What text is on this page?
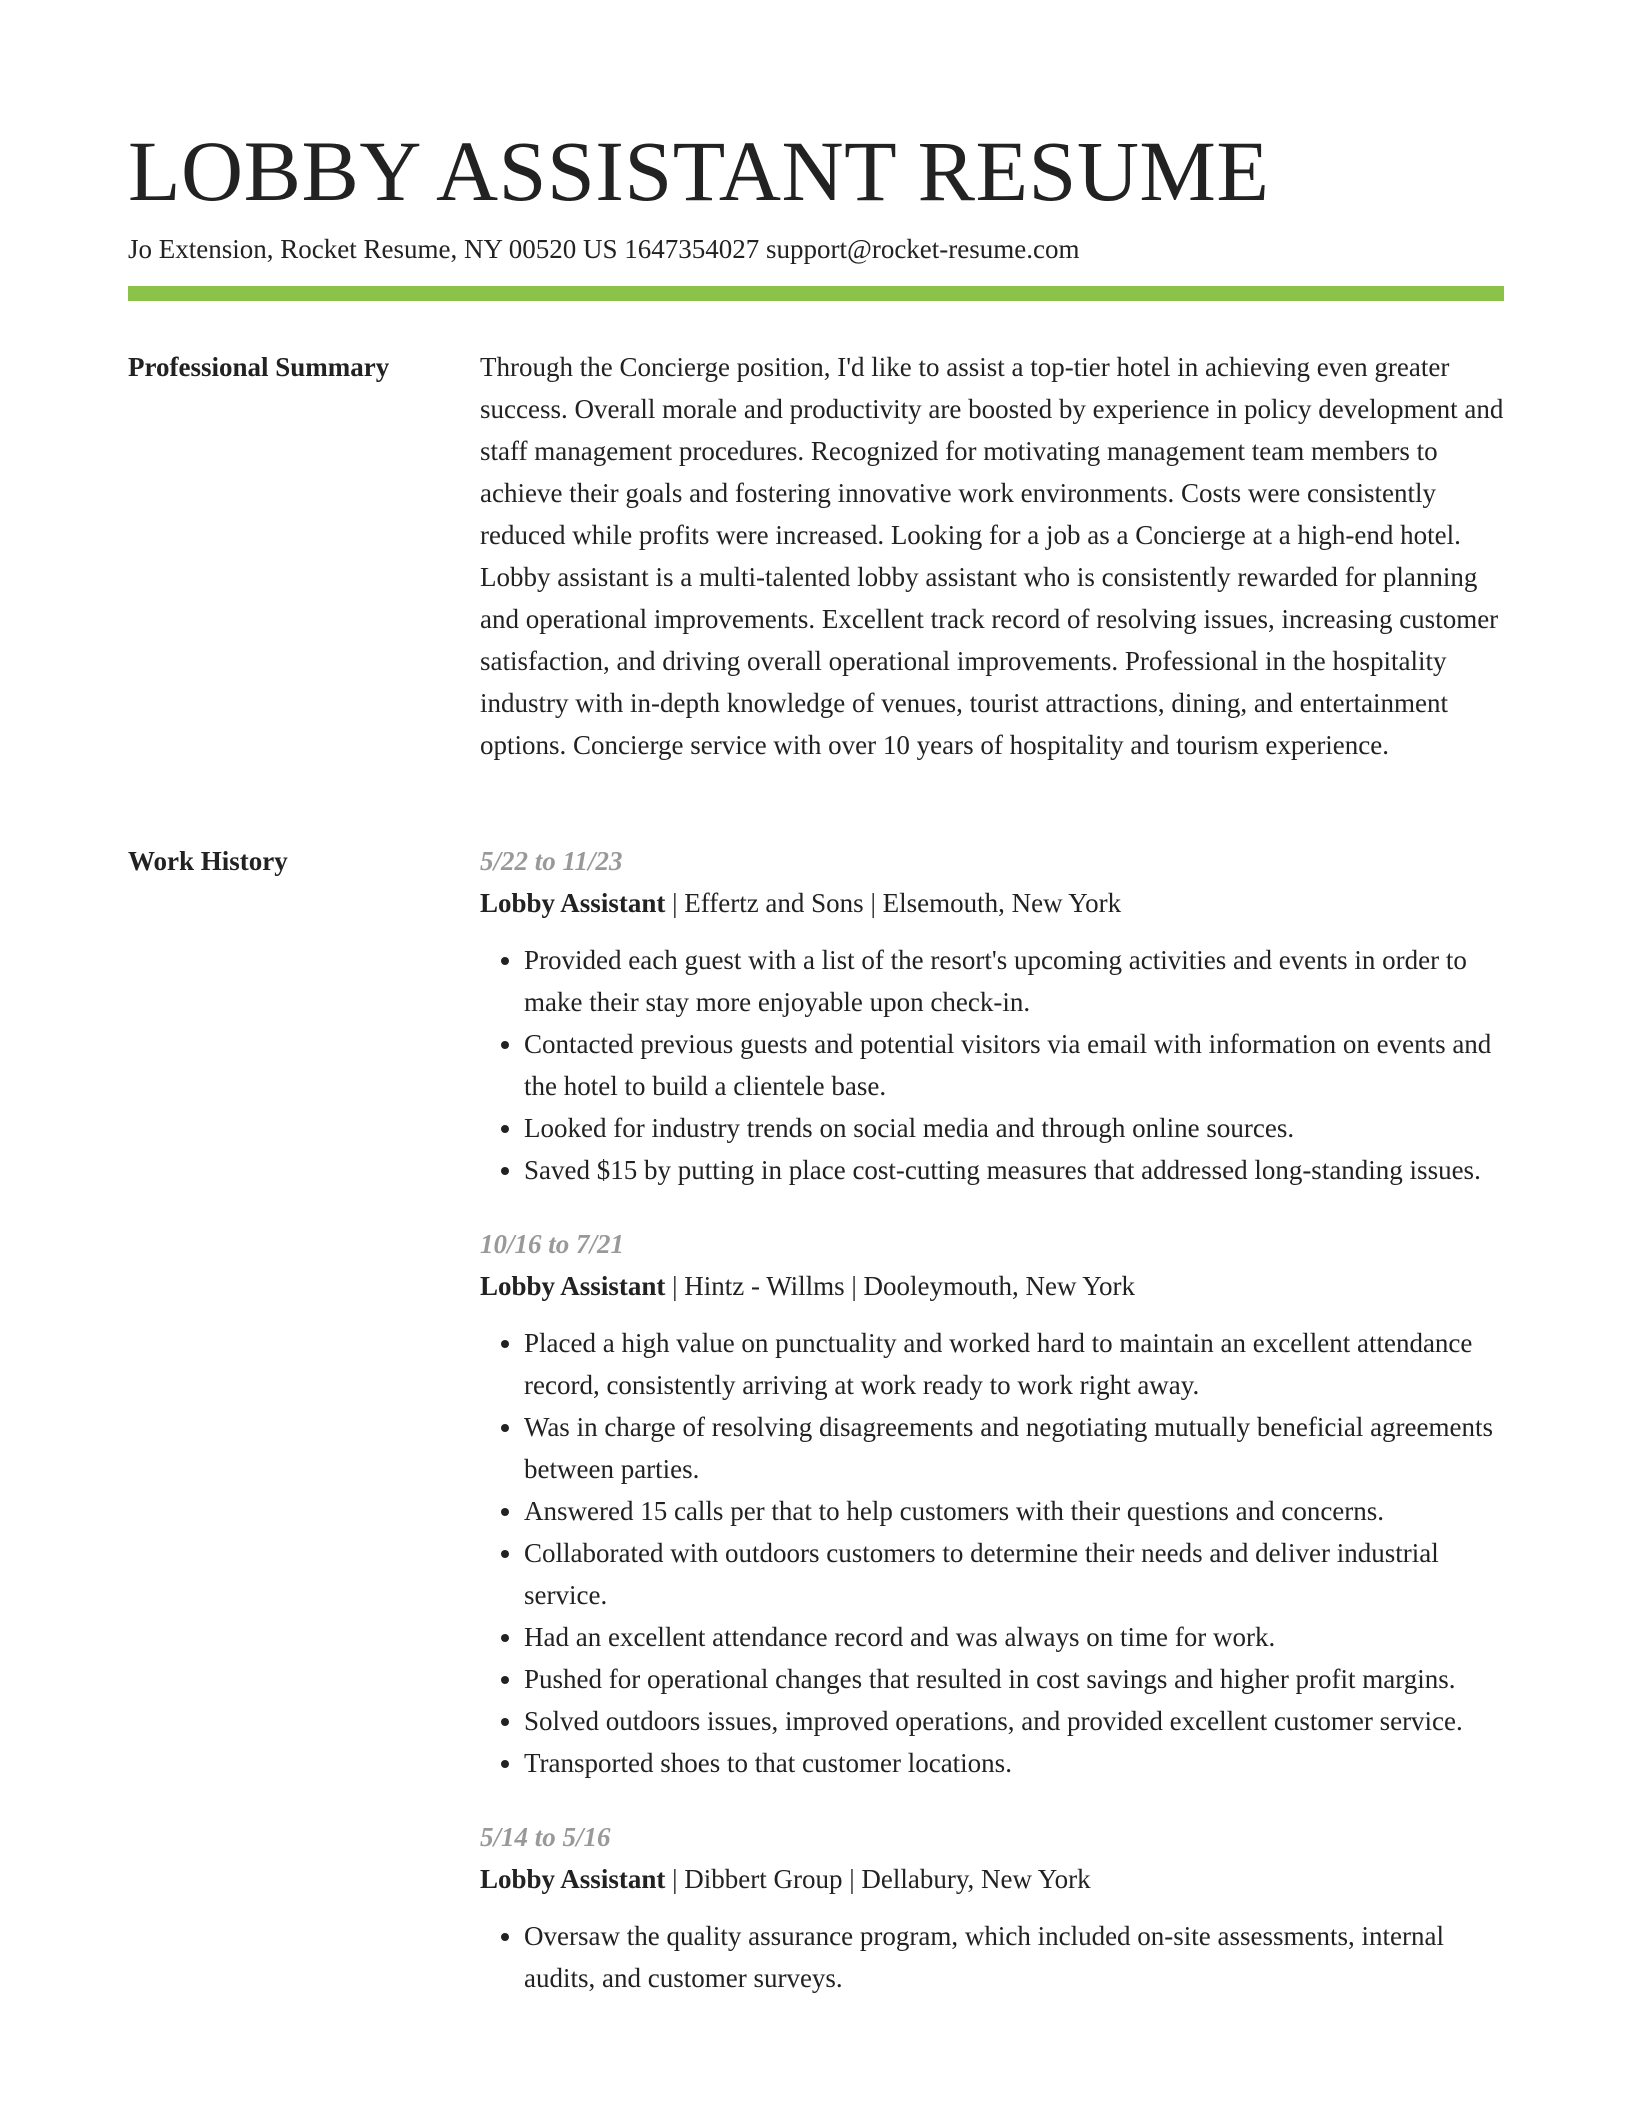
LOBBY ASSISTANT RESUME
Jo Extension, Rocket Resume, NY 00520 US 1647354027 support@rocket-resume.com
Professional Summary	Through the Concierge position, I'd like to assist a top-tier hotel in achieving even greater success. Overall morale and productivity are boosted by experience in policy development and staff management procedures. Recognized for motivating management team members to achieve their goals and fostering innovative work environments. Costs were consistently reduced while profits were increased. Looking for a job as a Concierge at a high-end hotel. Lobby assistant is a multi-talented lobby assistant who is consistently rewarded for planning and operational improvements. Excellent track record of resolving issues, increasing customer satisfaction, and driving overall operational improvements. Professional in the hospitality industry with in-depth knowledge of venues, tourist attractions, dining, and entertainment options. Concierge service with over 10 years of hospitality and tourism experience.

Work History	5/22 to 11/23

Lobby Assistant | Effertz and Sons | Elsemouth, New York

• Provided each guest with a list of the resort's upcoming activities and events in order to make their stay more enjoyable upon check-in.
• Contacted previous guests and potential visitors via email with information on events and the hotel to build a clientele base.
• Looked for industry trends on social media and through online sources.
• Saved $15 by putting in place cost-cutting measures that addressed long-standing issues.

10/16 to 7/21

Lobby Assistant | Hintz - Willms | Dooleymouth, New York

• Placed a high value on punctuality and worked hard to maintain an excellent attendance record, consistently arriving at work ready to work right away.
• Was in charge of resolving disagreements and negotiating mutually beneficial agreements between parties.
• Answered 15 calls per that to help customers with their questions and concerns.
• Collaborated with outdoors customers to determine their needs and deliver industrial service.
• Had an excellent attendance record and was always on time for work.
• Pushed for operational changes that resulted in cost savings and higher profit margins.
• Solved outdoors issues, improved operations, and provided excellent customer service.
• Transported shoes to that customer locations.

5/14 to 5/16

Lobby Assistant | Dibbert Group | Dellabury, New York

• Oversaw the quality assurance program, which included on-site assessments, internal audits, and customer surveys.
